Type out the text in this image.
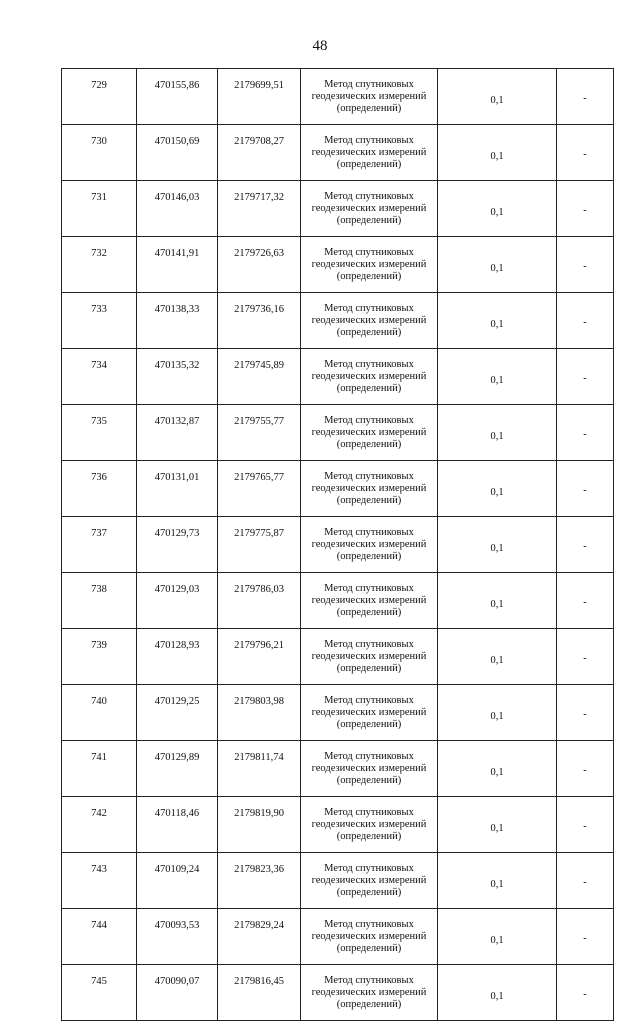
48
729	470155,86	2179699,51	Метод спутниковых геодезических измерений (определений)	0,1	-
730	470150,69	2179708,27	Метод спутниковых геодезических измерений (определений)	0,1	-
731	470146,03	2179717,32	Метод спутниковых геодезических измерений (определений)	0,1	-
732	470141,91	2179726,63	Метод спутниковых геодезических измерений (определений)	0,1	-
733	470138,33	2179736,16	Метод спутниковых геодезических измерений (определений)	0,1	-
734	470135,32	2179745,89	Метод спутниковых геодезических измерений (определений)	0,1	-
735	470132,87	2179755,77	Метод спутниковых геодезических измерений (определений)	0,1	-
736	470131,01	2179765,77	Метод спутниковых геодезических измерений (определений)	0,1	-
737	470129,73	2179775,87	Метод спутниковых геодезических измерений (определений)	0,1	-
738	470129,03	2179786,03	Метод спутниковых геодезических измерений (определений)	0,1	-
739	470128,93	2179796,21	Метод спутниковых геодезических измерений (определений)	0,1	-
740	470129,25	2179803,98	Метод спутниковых геодезических измерений (определений)	0,1	-
741	470129,89	2179811,74	Метод спутниковых геодезических измерений (определений)	0,1	-
742	470118,46	2179819,90	Метод спутниковых геодезических измерений (определений)	0,1	-
743	470109,24	2179823,36	Метод спутниковых геодезических измерений (определений)	0,1	-
744	470093,53	2179829,24	Метод спутниковых геодезических измерений (определений)	0,1	-
745	470090,07	2179816,45	Метод спутниковых геодезических измерений (определений)	0,1	-
